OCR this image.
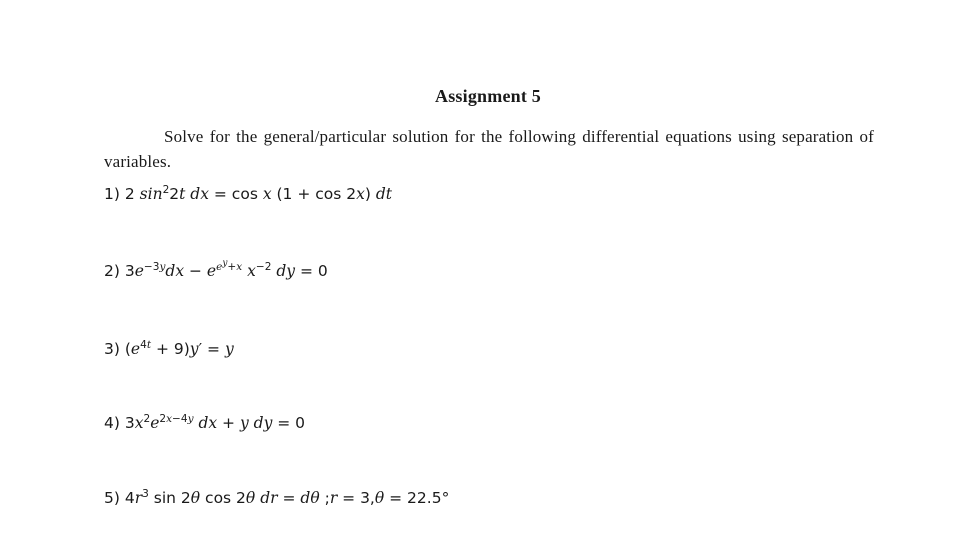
Assignment 5
Solve for the general/particular solution for the following differential equations using separation of variables.
1) 2 $\sin^22t$ dx = cos x (1 + cos 2x) dt
2) $3e^{-3y}dx - e^{e^y+x}$ $x^{-2}$ dy = 0
3) $(e^{4t} + 9)y' = y$
4) $3x^2e^{2x-4y}$ dx + y dy = 0
5) $4r^3$ sin 2θ cos 2θ dr = dθ ;r = 3,θ = 22.5°
